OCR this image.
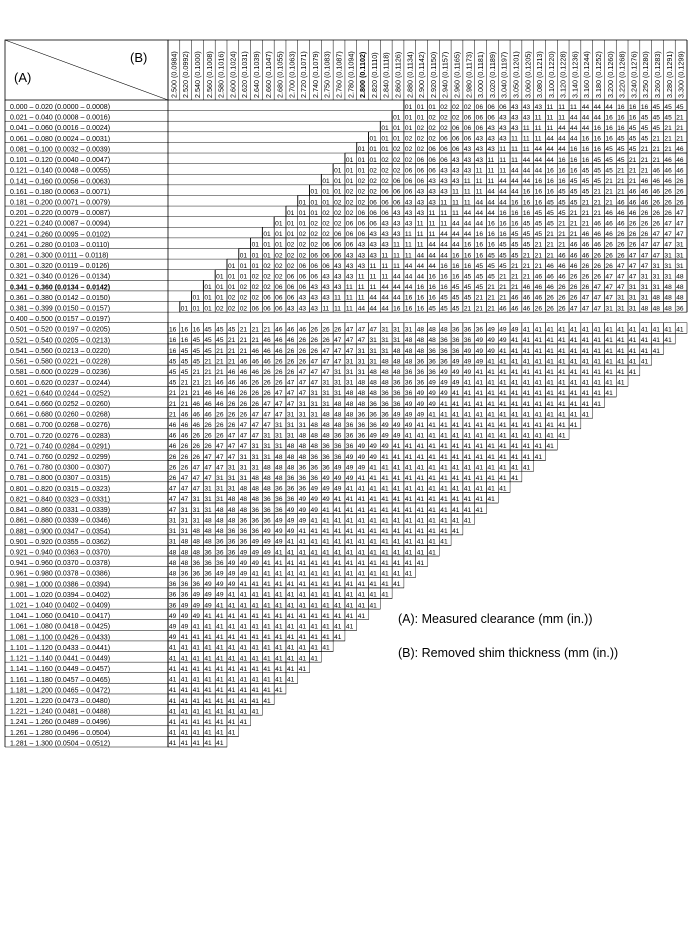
(B)
(A)	2.500 (0.0984) 2.520 (0.0992) 2.540 (0.1000) 2.560 (0.1008) 2.580 (0.1016) 2.600 (0.1024) 2.620 (0.1031) 2.640 (0.1039) 2.660 (0.1047) 2.680 (0.1055) 2.700 (0.1063) 2.720 (0.1071) 2.740 (0.1079) 2.750 (0.1083) 2.760 (0.1087) 2.780 (0.1094) 2.800 (0.1102) 2.820 (0.1110) 2.840 (0.1118) 2.860 (0.1126) 2.880 (0.1134) 2.900 (0.1142) 2.920 (0.1150) 2.940 (0.1157) 2.960 (0.1165) 2.980 (0.1173) 3.000 (0.1181) 3.020 (0.1189) 3.040 (0.1197) 3.050 (0.1201) 3.060 (0.1205) 3.080 (0.1213) 3.100 (0.1220) 3.120 (0.1228) 3.140 (0.1236) 3.160 (0.1244) 3.180 (0.1252) 3.200 (0.1260) 3.220 (0.1268) 3.240 (0.1276) 3.250 (0.1280) 3.260 (0.1283) 3.280 (0.1291) 3.300 (0.1299)
0.000 – 0.020 (0.0000 – 0.0008)
0.021 – 0.040 (0.0008 – 0.0016)
0.041 – 0.060 (0.0016 – 0.0024)
0.061 – 0.080 (0.0024 – 0.0031)
0.081 – 0.100 (0.0032 – 0.0039)
0.101 – 0.120 (0.0040 – 0.0047)
0.121 – 0.140 (0.0048 – 0.0055)
0.141 – 0.160 (0.0056 – 0.0063)
0.161 – 0.180 (0.0063 – 0.0071)
0.181 – 0.200 (0.0071 – 0.0079)
0.201 – 0.220 (0.0079 – 0.0087)
0.221 – 0.240 (0.0087 – 0.0094)
0.241 – 0.260 (0.0095 – 0.0102)
0.261 – 0.280 (0.0103 – 0.0110)
0.281 – 0.300 (0.0111 – 0.0118)
0.301 – 0.320 (0.0119 – 0.0126)
0.321 – 0.340 (0.0126 – 0.0134)
0.341 – 0.360 (0.0134 – 0.0142)
0.361 – 0.380 (0.0142 – 0.0150)
0.381 – 0.399 (0.0150 – 0.0157)
0.400 – 0.500 (0.0157 – 0.0197)
0.501 – 0.520 (0.0197 – 0.0205)
0.521 – 0.540 (0.0205 – 0.0213)
0.541 – 0.560 (0.0213 – 0.0220)
0.561 – 0.580 (0.0221 – 0.0228)
0.581 – 0.600 (0.0229 – 0.0236)
0.601 – 0.620 (0.0237 – 0.0244)
0.621 – 0.640 (0.0244 – 0.0252)
0.641 – 0.660 (0.0252 – 0.0260)
0.661 – 0.680 (0.0260 – 0.0268)
0.681 – 0.700 (0.0268 – 0.0276)
0.701 – 0.720 (0.0276 – 0.0283)
0.721 – 0.740 (0.0284 – 0.0291)
0.741 – 0.760 (0.0292 – 0.0299)
0.761 – 0.780 (0.0300 – 0.0307)
0.781 – 0.800 (0.0307 – 0.0315)
0.801 – 0.820 (0.0315 – 0.0323)
0.821 – 0.840 (0.0323 – 0.0331)
0.841 – 0.860 (0.0331 – 0.0339)
0.861 – 0.880 (0.0339 – 0.0346)
0.881 – 0.900 (0.0347 – 0.0354)
0.901 – 0.920 (0.0355 – 0.0362)
0.921 – 0.940 (0.0363 – 0.0370)
0.941 – 0.960 (0.0370 – 0.0378)
0.961 – 0.980 (0.0378 – 0.0386)
0.981 – 1.000 (0.0386 – 0.0394)
1.001 – 1.020 (0.0394 – 0.0402)
1.021 – 1.040 (0.0402 – 0.0409)
1.041 – 1.060 (0.0410 – 0.0417)
1.061 – 1.080 (0.0418 – 0.0425)
1.081 – 1.100 (0.0426 – 0.0433)
1.101 – 1.120 (0.0433 – 0.0441)
1.121 – 1.140 (0.0441 – 0.0449)
1.141 – 1.160 (0.0449 – 0.0457)
1.161 – 1.180 (0.0457 – 0.0465)
1.181 – 1.200 (0.0465 – 0.0472)
1.201 – 1.220 (0.0473 – 0.0480)
1.221 – 1.240 (0.0481 – 0.0488)
1.241 – 1.260 (0.0489 – 0.0496)
1.261 – 1.280 (0.0496 – 0.0504)
1.281 – 1.300 (0.0504 – 0.0512)
01 01 01 02 02 02 06 06 06 43 43 43 11 11 11 44 44 44 16 16 16 45 45 45
01 01 01 02 02 02 06 06 06 43 43 43 11 11 11 44 44 44 16 16 16 45 45 45 21
01 01 01 02 02 02 06 06 06 43 43 43 11 11 11 44 44 44 16 16 16 45 45 45 21 21
01 01 01 02 02 02 06 06 06 43 43 43 11 11 11 44 44 44 16 16 16 45 45 45 21 21 21
01 01 01 02 02 02 06 06 06 43 43 43 11 11 11 44 44 44 16 16 16 45 45 45 21 21 21 46
01 01 01 02 02 02 06 06 06 43 43 43 11 11 11 44 44 44 16 16 16 45 45 45 21 21 21 46 46
01 01 01 02 02 02 06 06 06 43 43 43 11 11 11 44 44 44 16 16 16 45 45 45 21 21 21 46 46 46
01 01 01 02 02 02 06 06 06 43 43 43 11 11 11 44 44 44 16 16 16 45 45 45 21 21 21 46 46 46 26
01 01 01 02 02 02 06 06 06 43 43 43 11 11 11 44 44 44 16 16 16 45 45 45 21 21 21 46 46 46 26 26
01 01 01 02 02 02 06 06 06 43 43 43 11 11 11 44 44 44 16 16 16 45 45 45 21 21 21 46 46 46 26 26 26
01 01 01 02 02 02 06 06 06 43 43 43 11 11 11 44 44 44 16 16 16 45 45 45 21 21 21 46 46 46 26 26 26 47
01 01 01 02 02 02 06 06 06 43 43 43 11 11 11 44 44 44 16 16 16 45 45 45 21 21 21 46 46 46 26 26 26 47 47
01 01 01 02 02 02 06 06 06 43 43 43 11 11 11 44 44 44 16 16 16 45 45 45 21 21 21 46 46 46 26 26 26 47 47 47
01 01 01 02 02 02 06 06 06 43 43 43 11 11 11 44 44 44 16 16 16 45 45 45 21 21 21 46 46 46 26 26 26 47 47 47 31
01 01 01 02 02 02 06 06 06 43 43 43 11 11 11 44 44 44 16 16 16 45 45 45 21 21 21 46 46 46 26 26 26 47 47 47 31 31
01 01 01 02 02 02 06 06 06 43 43 43 11 11 11 44 44 44 16 16 16 45 45 45 21 21 21 46 46 46 26 26 26 47 47 47 31 31 31
01 01 01 02 02 02 06 06 06 43 43 43 11 11 11 44 44 44 16 16 16 45 45 45 21 21 21 46 46 46 26 26 26 47 47 47 31 31 31 48
01 01 01 02 02 02 06 06 06 43 43 43 11 11 11 44 44 44 16 16 16 45 45 45 21 21 21 46 46 46 26 26 26 47 47 47 31 31 31 48 48
01 01 01 02 02 02 06 06 06 43 43 43 11 11 11 44 44 44 16 16 16 45 45 45 21 21 21 46 46 46 26 26 26 47 47 47 31 31 31 48 48 48
01 01 01 02 02 02 06 06 06 43 43 43 11 11 11 44 44 44 16 16 16 45 45 45 21 21 21 46 46 46 26 26 26 47 47 47 31 31 31 48 48 48 36
16 16 16 45 45 45 21 21 21 46 46 46 26 26 26 47 47 47 31 31 31 48 48 48 36 36 36 49 49 49 41 41 41 41 41 41 41 41 41 41 41 41 41 41
16 16 45 45 45 21 21 21 46 46 46 26 26 26 47 47 47 31 31 31 48 48 48 36 36 36 49 49 49 41 41 41 41 41 41 41 41 41 41 41 41 41 41
16 45 45 45 21 21 21 46 46 46 26 26 26 47 47 47 31 31 31 48 48 48 36 36 36 49 49 49 41 41 41 41 41 41 41 41 41 41 41 41 41 41
45 45 45 21 21 21 46 46 46 26 26 26 47 47 47 31 31 31 48 48 48 36 36 36 49 49 49 41 41 41 41 41 41 41 41 41 41 41 41 41 41
45 45 21 21 21 46 46 46 26 26 26 47 47 47 31 31 31 48 48 48 36 36 36 49 49 49 41 41 41 41 41 41 41 41 41 41 41 41 41 41
45 21 21 21 46 46 46 26 26 26 47 47 47 31 31 31 48 48 48 36 36 36 49 49 49 41 41 41 41 41 41 41 41 41 41 41 41 41 41
21 21 21 46 46 46 26 26 26 47 47 47 31 31 31 48 48 48 36 36 36 49 49 49 41 41 41 41 41 41 41 41 41 41 41 41 41 41
21 21 46 46 46 26 26 26 47 47 47 31 31 31 48 48 48 36 36 36 49 49 49 41 41 41 41 41 41 41 41 41 41 41 41 41 41
21 46 46 46 26 26 26 47 47 47 31 31 31 48 48 48 36 36 36 49 49 49 41 41 41 41 41 41 41 41 41 41 41 41 41 41
46 46 46 26 26 26 47 47 47 31 31 31 48 48 48 36 36 36 49 49 49 41 41 41 41 41 41 41 41 41 41 41 41 41 41
46 46 26 26 26 47 47 47 31 31 31 48 48 48 36 36 36 49 49 49 41 41 41 41 41 41 41 41 41 41 41 41 41 41
46 26 26 26 47 47 47 31 31 31 48 48 48 36 36 36 49 49 49 41 41 41 41 41 41 41 41 41 41 41 41 41 41
26 26 26 47 47 47 31 31 31 48 48 48 36 36 36 49 49 49 41 41 41 41 41 41 41 41 41 41 41 41 41 41
26 26 47 47 47 31 31 31 48 48 48 36 36 36 49 49 49 41 41 41 41 41 41 41 41 41 41 41 41 41 41
26 47 47 47 31 31 31 48 48 48 36 36 36 49 49 49 41 41 41 41 41 41 41 41 41 41 41 41 41 41
47 47 47 31 31 31 48 48 48 36 36 36 49 49 49 41 41 41 41 41 41 41 41 41 41 41 41 41 41
47 47 31 31 31 48 48 48 36 36 36 49 49 49 41 41 41 41 41 41 41 41 41 41 41 41 41 41
47 31 31 31 48 48 48 36 36 36 49 49 49 41 41 41 41 41 41 41 41 41 41 41 41 41 41
31 31 31 48 48 48 36 36 36 49 49 49 41 41 41 41 41 41 41 41 41 41 41 41 41 41
31 31 48 48 48 36 36 36 49 49 49 41 41 41 41 41 41 41 41 41 41 41 41 41 41
31 48 48 48 36 36 36 49 49 49 41 41 41 41 41 41 41 41 41 41 41 41 41 41
48 48 48 36 36 36 49 49 49 41 41 41 41 41 41 41 41 41 41 41 41 41 41
48 48 36 36 36 49 49 49 41 41 41 41 41 41 41 41 41 41 41 41 41 41
48 36 36 36 49 49 49 41 41 41 41 41 41 41 41 41 41 41 41 41 41
36 36 36 49 49 49 41 41 41 41 41 41 41 41 41 41 41 41 41 41
36 36 49 49 49 41 41 41 41 41 41 41 41 41 41 41 41 41 41
36 49 49 49 41 41 41 41 41 41 41 41 41 41 41 41 41 41
49 49 49 41 41 41 41 41 41 41 41 41 41 41 41 41 41
49 49 41 41 41 41 41 41 41 41 41 41 41 41 41 41
49 41 41 41 41 41 41 41 41 41 41 41 41 41 41
41 41 41 41 41 41 41 41 41 41 41 41 41 41
41 41 41 41 41 41 41 41 41 41 41 41 41
41 41 41 41 41 41 41 41 41 41 41 41
41 41 41 41 41 41 41 41 41 41 41
41 41 41 41 41 41 41 41 41 41
41 41 41 41 41 41 41 41 41
41 41 41 41 41 41 41 41
41 41 41 41 41 41 41
41 41 41 41 41 41
41 41 41 41 41
(A): Measured clearance (mm (in.))
(B): Removed shim thickness (mm (in.))
